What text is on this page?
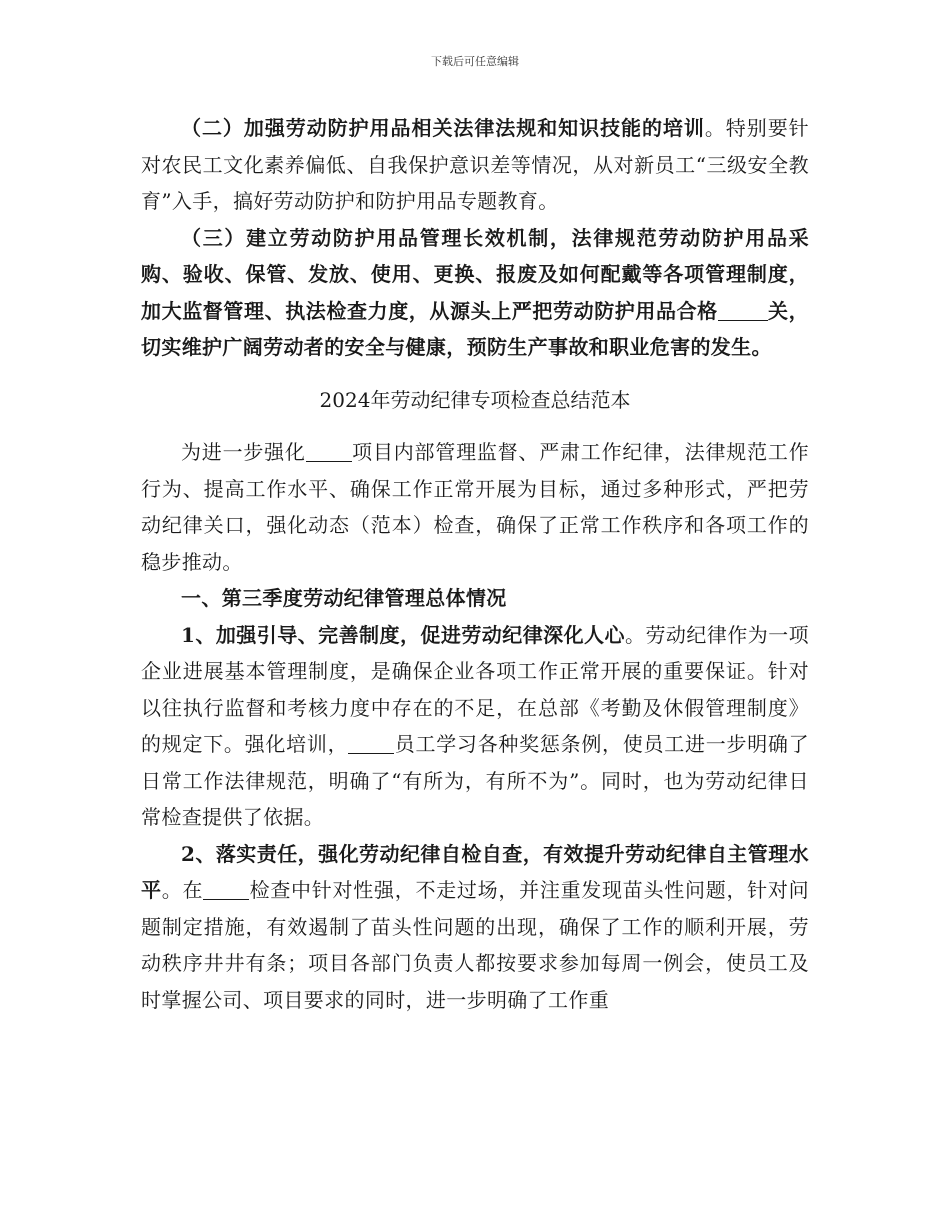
下载后可任意编辑

（二）加强劳动防护用品相关法律法规和知识技能的培训。特别要针对农民工文化素养偏低、自我保护意识差等情况，从对新员工“三级安全教育”入手，搞好劳动防护和防护用品专题教育。

（三）建立劳动防护用品管理长效机制，法律规范劳动防护用品采购、验收、保管、发放、使用、更换、报废及如何配戴等各项管理制度，加大监督管理、执法检查力度，从源头上严把劳动防护用品合格	关，切实维护广阔劳动者的安全与健康，预防生产事故和职业危害的发生。

2024年劳动纪律专项检查总结范本

为进一步强化 项目内部管理监督、严肃工作纪律，法律规范工作行为、提高工作水平、确保工作正常开展为目标，通过多种形式，严把劳动纪律关口，强化动态（范本）检查，确保了正常工作秩序和各项工作的稳步推动。

一、第三季度劳动纪律管理总体情况

1、加强引导、完善制度，促进劳动纪律深化人心。劳动纪律作为一项企业进展基本管理制度，是确保企业各项工作正常开展的重要保证。针对以往执行监督和考核力度中存在的不足，在总部《考勤及休假管理制度》的规定下。强化培训， 员工学习各种奖惩条例，使员工进一步明确了日常工作法律规范，明确了“有所为，有所不为”。同时，也为劳动纪律日常检查提供了依据。

2、落实责任，强化劳动纪律自检自查，有效提升劳动纪律自主管理水平。在 检查中针对性强，不走过场，并注重发现苗头性问题，针对问题制定措施，有效遏制了苗头性问题的出现，确保了工作的顺利开展，劳动秩序井井有条；项目各部门负责人都按要求参加每周一例会，使员工及时掌握公司、项目要求的同时，进一步明确了工作重
